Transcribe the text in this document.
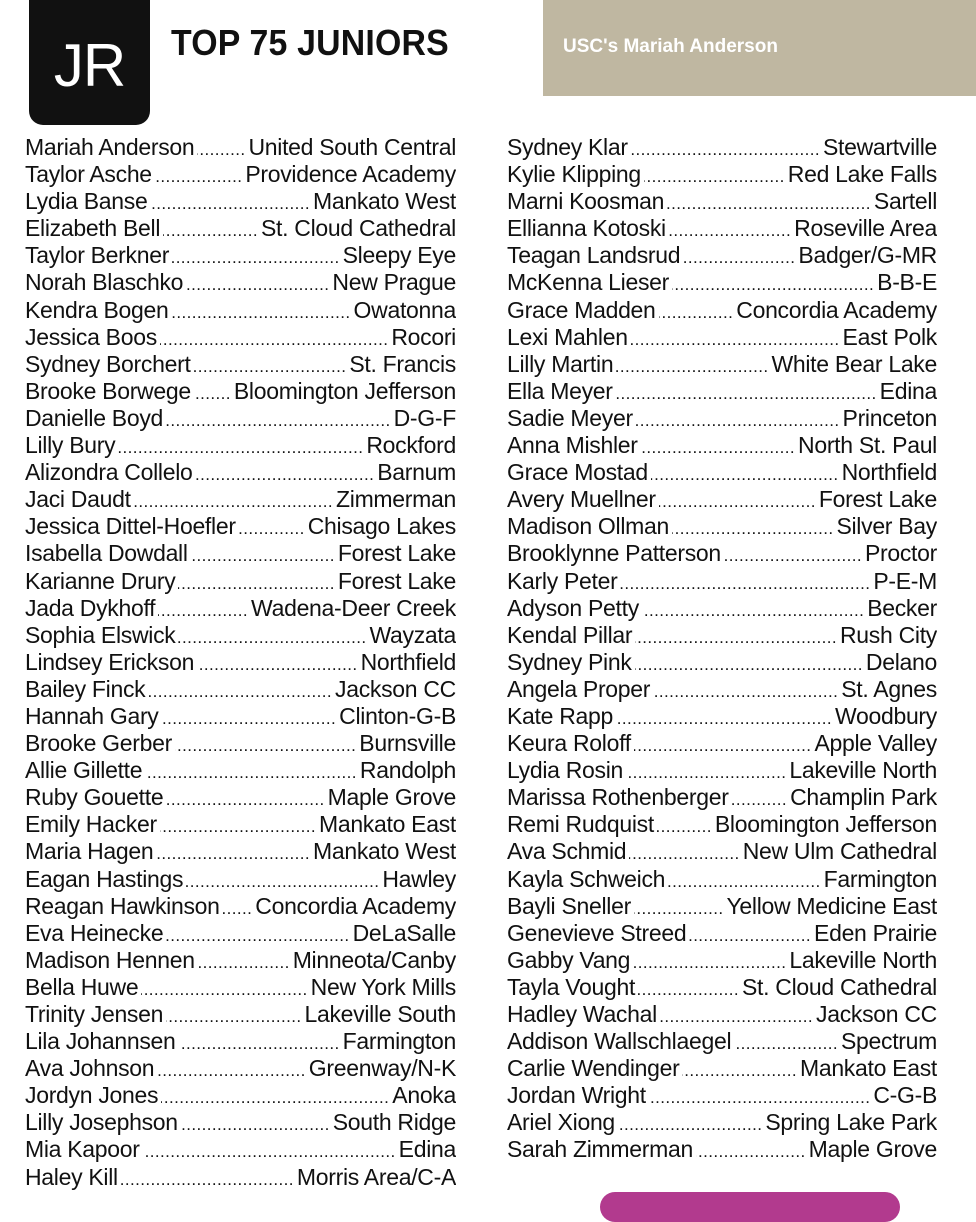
JR TOP 75 JUNIORS	USC's Mariah Anderson
Mariah Anderson ..... United South Central
Taylor Asche .....	Providence Academy
Lydia Banse .....	Mankato West
Elizabeth Bell .....	St. Cloud Cathedral
Taylor Berkner .....	Sleepy Eye
Norah Blaschko .....	New Prague
Kendra Bogen .....	Owatonna
Jessica Boos .....	Rocori
Sydney Borchert .....	St. Francis
Brooke Borwege ..... Bloomington Jefferson
Danielle Boyd .....	D-G-F
Lilly Bury .....	Rockford
Alizondra Collelo .....	Barnum
Jaci Daudt .....	Zimmerman
Jessica Dittel-Hoefler .....	Chisago Lakes
Isabella Dowdall .....	Forest Lake
Karianne Drury .....	Forest Lake
Jada Dykhoff .....	Wadena-Deer Creek
Sophia Elswick .....	Wayzata
Lindsey Erickson .....	Northfield
Bailey Finck .....	Jackson CC
Hannah Gary .....	Clinton-G-B
Brooke Gerber .....	Burnsville
Allie Gillette .....	Randolph
Ruby Gouette .....	Maple Grove
Emily Hacker .....	Mankato East
Maria Hagen .....	Mankato West
Eagan Hastings .....	Hawley
Reagan Hawkinson ..... Concordia Academy
Eva Heinecke .....	DeLaSalle
Madison Hennen .....	Minneota/Canby
Bella Huwe .....	New York Mills
Trinity Jensen .....	Lakeville South
Lila Johannsen .....	Farmington
Ava Johnson .....	Greenway/N-K
Jordyn Jones .....	Anoka
Lilly Josephson .....	South Ridge
Mia Kapoor .....	Edina
Haley Kill .....	Morris Area/C-A
Sydney Klar .....	Stewartville
Kylie Klipping .....	Red Lake Falls
Marni Koosman .....	Sartell
Ellianna Kotoski .....	Roseville Area
Teagan Landsrud .....	Badger/G-MR
McKenna Lieser .....	B-B-E
Grace Madden .....	Concordia Academy
Lexi Mahlen .....	East Polk
Lilly Martin .....	White Bear Lake
Ella Meyer .....	Edina
Sadie Meyer .....	Princeton
Anna Mishler .....	North St. Paul
Grace Mostad .....	Northfield
Avery Muellner .....	Forest Lake
Madison Ollman .....	Silver Bay
Brooklynne Patterson .....	Proctor
Karly Peter .....	P-E-M
Adyson Petty .....	Becker
Kendal Pillar .....	Rush City
Sydney Pink .....	Delano
Angela Proper .....	St. Agnes
Kate Rapp .....	Woodbury
Keura Roloff .....	Apple Valley
Lydia Rosin .....	Lakeville North
Marissa Rothenberger .....	Champlin Park
Remi Rudquist .....	Bloomington Jefferson
Ava Schmid .....	New Ulm Cathedral
Kayla Schweich .....	Farmington
Bayli Sneller .....	Yellow Medicine East
Genevieve Streed .....	Eden Prairie
Gabby Vang .....	Lakeville North
Tayla Vought .....	St. Cloud Cathedral
Hadley Wachal .....	Jackson CC
Addison Wallschlaegel .....	Spectrum
Carlie Wendinger .....	Mankato East
Jordan Wright .....	C-G-B
Ariel Xiong .....	Spring Lake Park
Sarah Zimmerman .....	Maple Grove
